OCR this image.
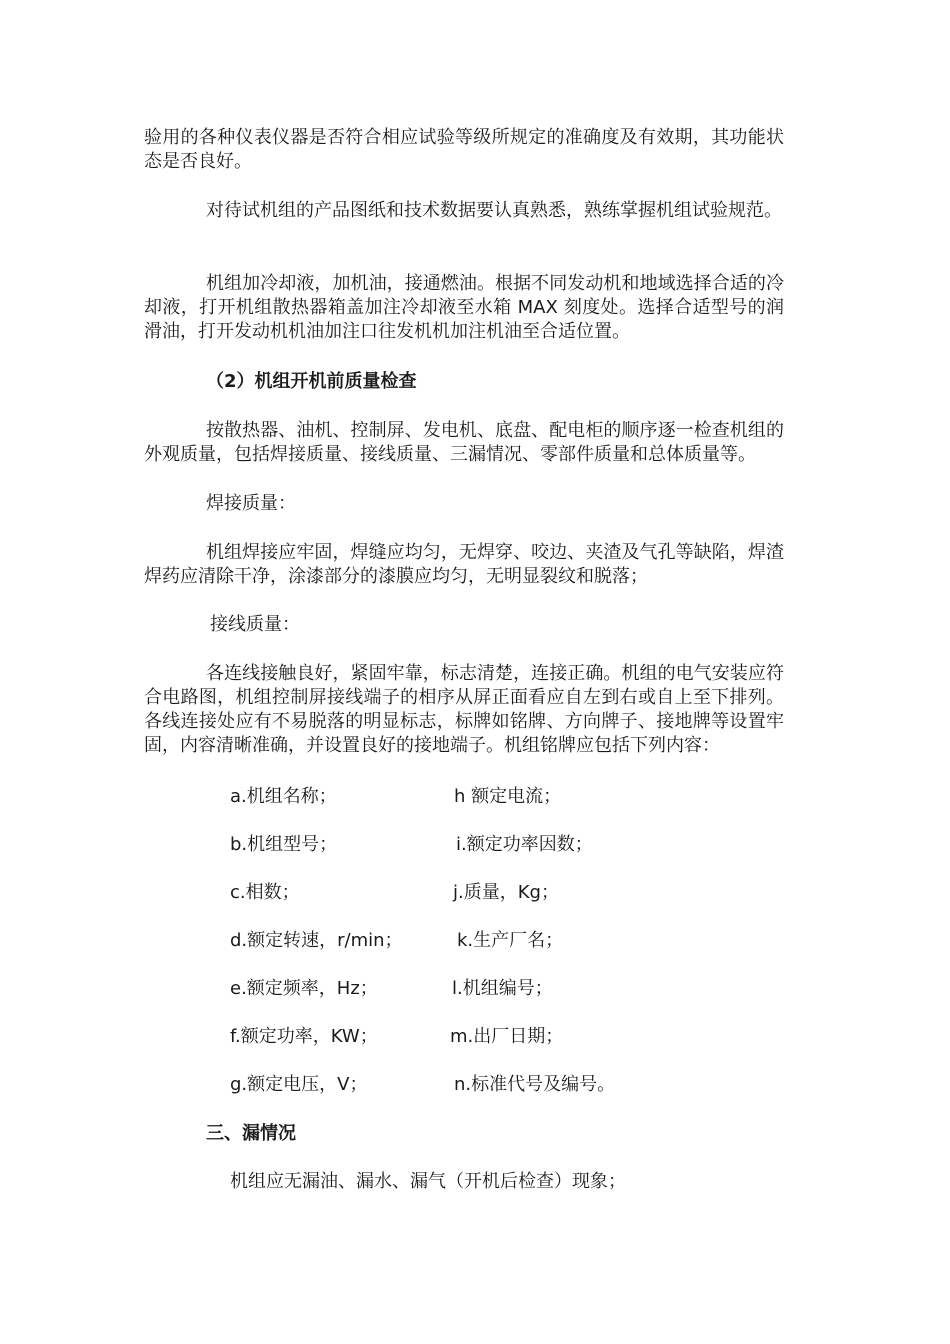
验用的各种仪表仪器是否符合相应试验等级所规定的准确度及有效期，其功能状态是否良好。

对待试机组的产品图纸和技术数据要认真熟悉，熟练掌握机组试验规范。

机组加冷却液，加机油，接通燃油。根据不同发动机和地域选择合适的冷却液，打开机组散热器箱盖加注冷却液至水箱 MAX 刻度处。选择合适型号的润滑油，打开发动机机油加注口往发机机加注机油至合适位置。

（2）机组开机前质量检查

按散热器、油机、控制屏、发电机、底盘、配电柜的顺序逐一检查机组的外观质量，包括焊接质量、接线质量、三漏情况、零部件质量和总体质量等。

焊接质量：

机组焊接应牢固，焊缝应均匀，无焊穿、咬边、夹渣及气孔等缺陷，焊渣焊药应清除干净，涂漆部分的漆膜应均匀，无明显裂纹和脱落；

接线质量：

各连线接触良好，紧固牢靠，标志清楚，连接正确。机组的电气安装应符合电路图，机组控制屏接线端子的相序从屏正面看应自左到右或自上至下排列。各线连接处应有不易脱落的明显标志，标牌如铭牌、方向牌子、接地牌等设置牢固，内容清晰准确，并设置良好的接地端子。机组铭牌应包括下列内容：

a.机组名称；

b.机组型号；

c.相数；

d.额定转速，r/min；

e.额定频率，Hz；

f.额定功率，KW；

g.额定电压，V；

h 额定电流；

i.额定功率因数；

j.质量，Kg；

k.生产厂名；

l.机组编号；

m.出厂日期；

n.标准代号及编号。

三、漏情况

机组应无漏油、漏水、漏气（开机后检查）现象；
